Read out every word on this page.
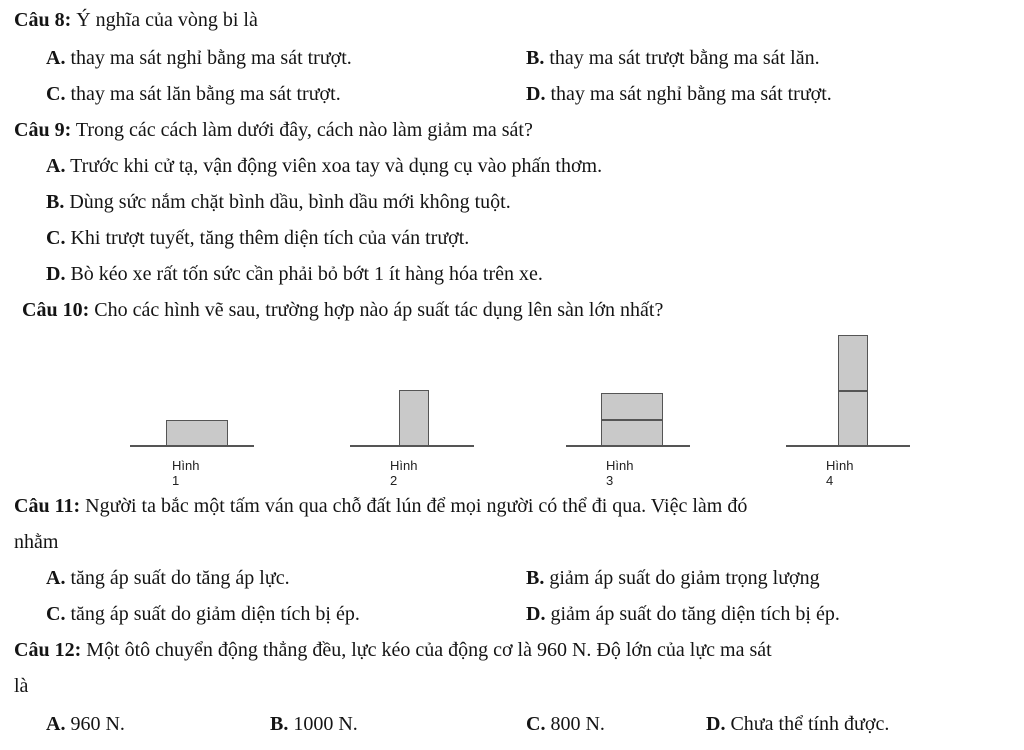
Câu 8: Ý nghĩa của vòng bi là
A. thay ma sát nghỉ bằng ma sát trượt.	B. thay ma sát trượt bằng ma sát lăn.
C. thay ma sát lăn bằng ma sát trượt.	D. thay ma sát nghỉ bằng ma sát trượt.
Câu 9: Trong các cách làm dưới đây, cách nào làm giảm ma sát?
A. Trước khi cử tạ, vận động viên xoa tay và dụng cụ vào phấn thơm.
B. Dùng sức nắm chặt bình dầu, bình dầu mới không tuột.
C. Khi trượt tuyết, tăng thêm diện tích của ván trượt.
D. Bò kéo xe rất tốn sức cần phải bỏ bớt 1 ít hàng hóa trên xe.
Câu 10: Cho các hình vẽ sau, trường hợp nào áp suất tác dụng lên sàn lớn nhất?
Hình 1
Hình 2
Hình 3
Hình 4
Câu 11: Người ta bắc một tấm ván qua chỗ đất lún để mọi người có thể đi qua. Việc làm đó
nhằm
A. tăng áp suất do tăng áp lực.	B. giảm áp suất do giảm trọng lượng
C. tăng áp suất do giảm diện tích bị ép.	D. giảm áp suất do tăng diện tích bị ép.
Câu 12: Một ôtô chuyển động thẳng đều, lực kéo của động cơ là 960 N. Độ lớn của lực ma sát
là
A. 960 N.	B. 1000 N.	C. 800 N.	D. Chưa thể tính được.
